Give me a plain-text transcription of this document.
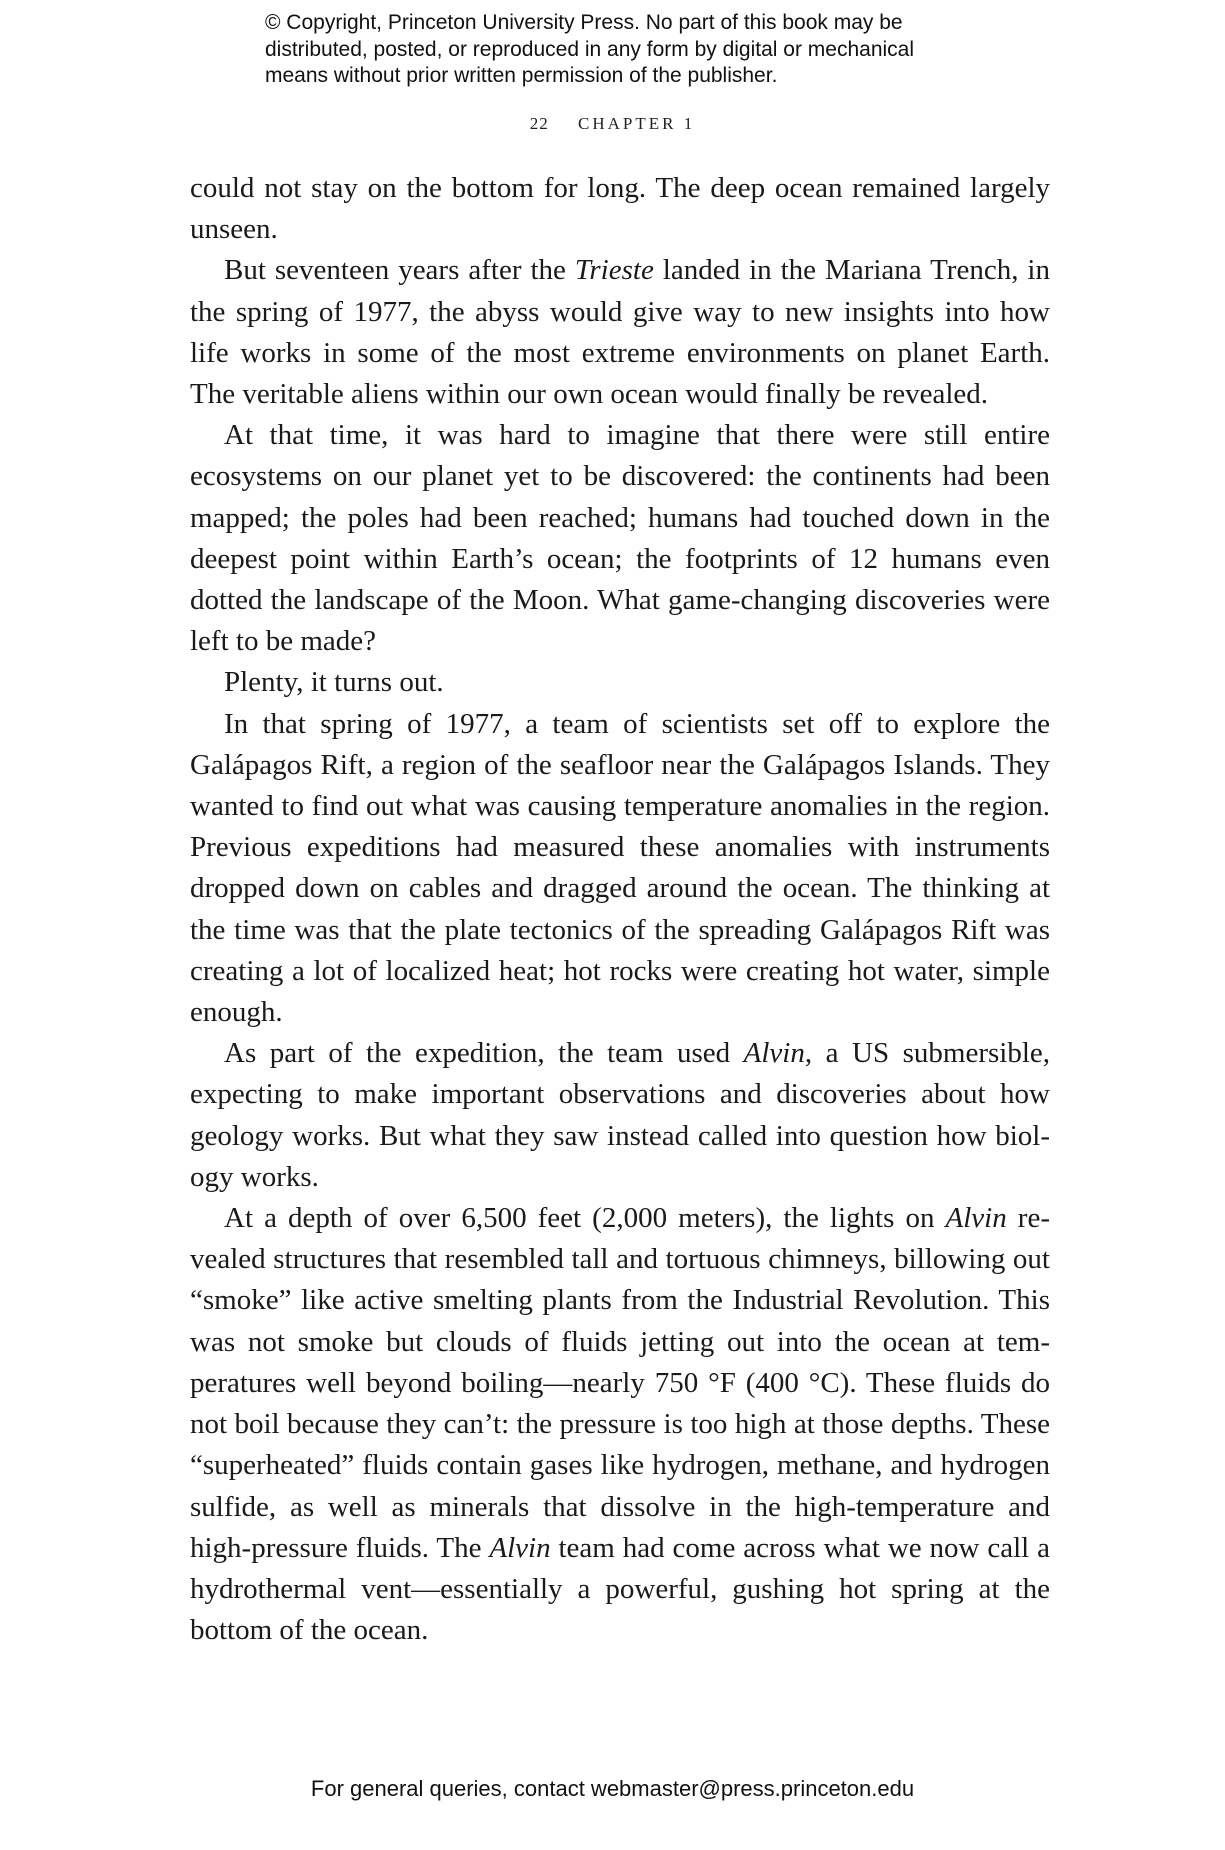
© Copyright, Princeton University Press. No part of this book may be
distributed, posted, or reproduced in any form by digital or mechanical
means without prior written permission of the publisher.
22 CHAPTER 1

could not stay on the bottom for long. The deep ocean remained largely unseen.

But seventeen years after the Trieste landed in the Mariana Trench, in the spring of 1977, the abyss would give way to new insights into how life works in some of the most extreme environments on planet Earth. The veritable aliens within our own ocean would finally be revealed.

At that time, it was hard to imagine that there were still entire ecosystems on our planet yet to be discovered: the continents had been mapped; the poles had been reached; humans had touched down in the deepest point within Earth’s ocean; the footprints of 12 humans even dotted the landscape of the Moon. What game-changing discoveries were left to be made?

Plenty, it turns out.

In that spring of 1977, a team of scientists set off to explore the Galápagos Rift, a region of the seafloor near the Galápagos Islands. They wanted to find out what was causing temperature anomalies in the region. Previous expeditions had measured these anomalies with instruments dropped down on cables and dragged around the ocean. The thinking at the time was that the plate tectonics of the spreading Galápagos Rift was creating a lot of localized heat; hot rocks were creating hot water, simple enough.

As part of the expedition, the team used Alvin, a US submersible, expecting to make important observations and discoveries about how geology works. But what they saw instead called into question how biology works.

At a depth of over 6,500 feet (2,000 meters), the lights on Alvin revealed structures that resembled tall and tortuous chimneys, billowing out “smoke” like active smelting plants from the Industrial Revolution. This was not smoke but clouds of fluids jetting out into the ocean at temperatures well beyond boiling—nearly 750 °F (400 °C). These fluids do not boil because they can’t: the pressure is too high at those depths. These “superheated” fluids contain gases like hydrogen, methane, and hydrogen sulfide, as well as minerals that dissolve in the high-temperature and high-pressure fluids. The Alvin team had come across what we now call a hydrothermal vent—essentially a powerful, gushing hot spring at the bottom of the ocean.

For general queries, contact webmaster@press.princeton.edu
